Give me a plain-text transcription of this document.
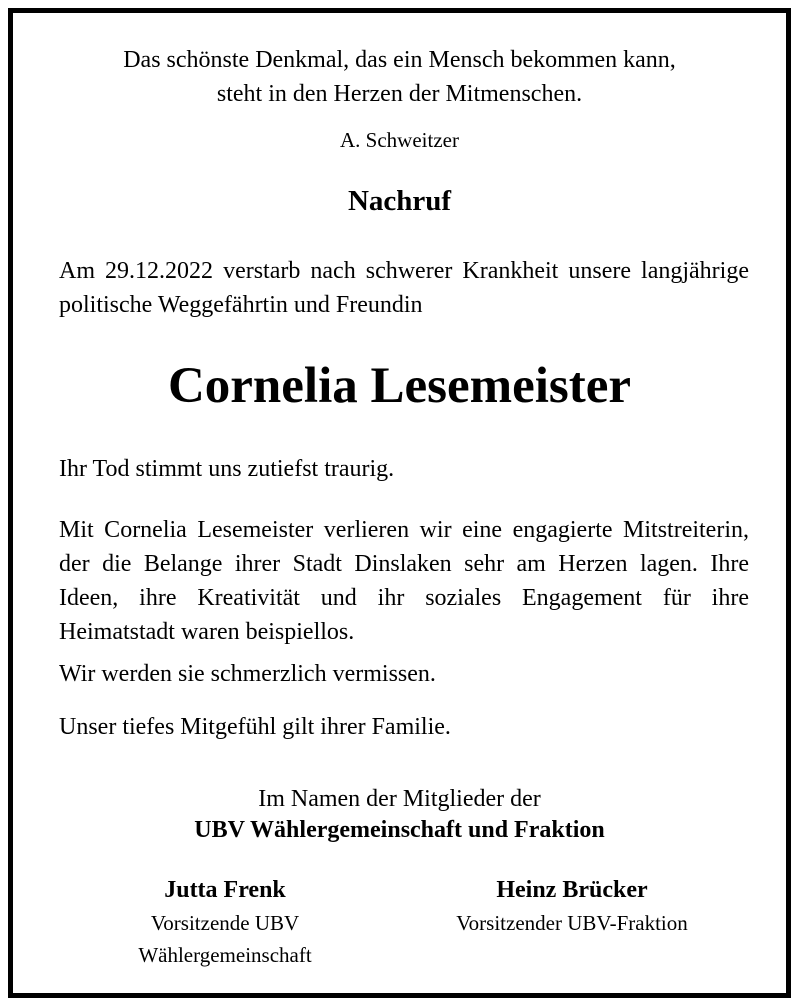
Das schönste Denkmal, das ein Mensch bekommen kann,
steht in den Herzen der Mitmenschen.
A. Schweitzer
Nachruf
Am 29.12.2022 verstarb nach schwerer Krankheit unsere langjährige politische Weggefährtin und Freundin
Cornelia Lesemeister
Ihr Tod stimmt uns zutiefst traurig.
Mit Cornelia Lesemeister verlieren wir eine engagierte Mitstreiterin, der die Belange ihrer Stadt Dinslaken sehr am Herzen lagen. Ihre Ideen, ihre Kreativität und ihr soziales Engagement für ihre Heimatstadt waren beispiellos.
Wir werden sie schmerzlich vermissen.
Unser tiefes Mitgefühl gilt ihrer Familie.
Im Namen der Mitglieder der
UBV Wählergemeinschaft und Fraktion
Jutta Frenk
Vorsitzende UBV
Wählergemeinschaft
Heinz Brücker
Vorsitzender UBV-Fraktion
